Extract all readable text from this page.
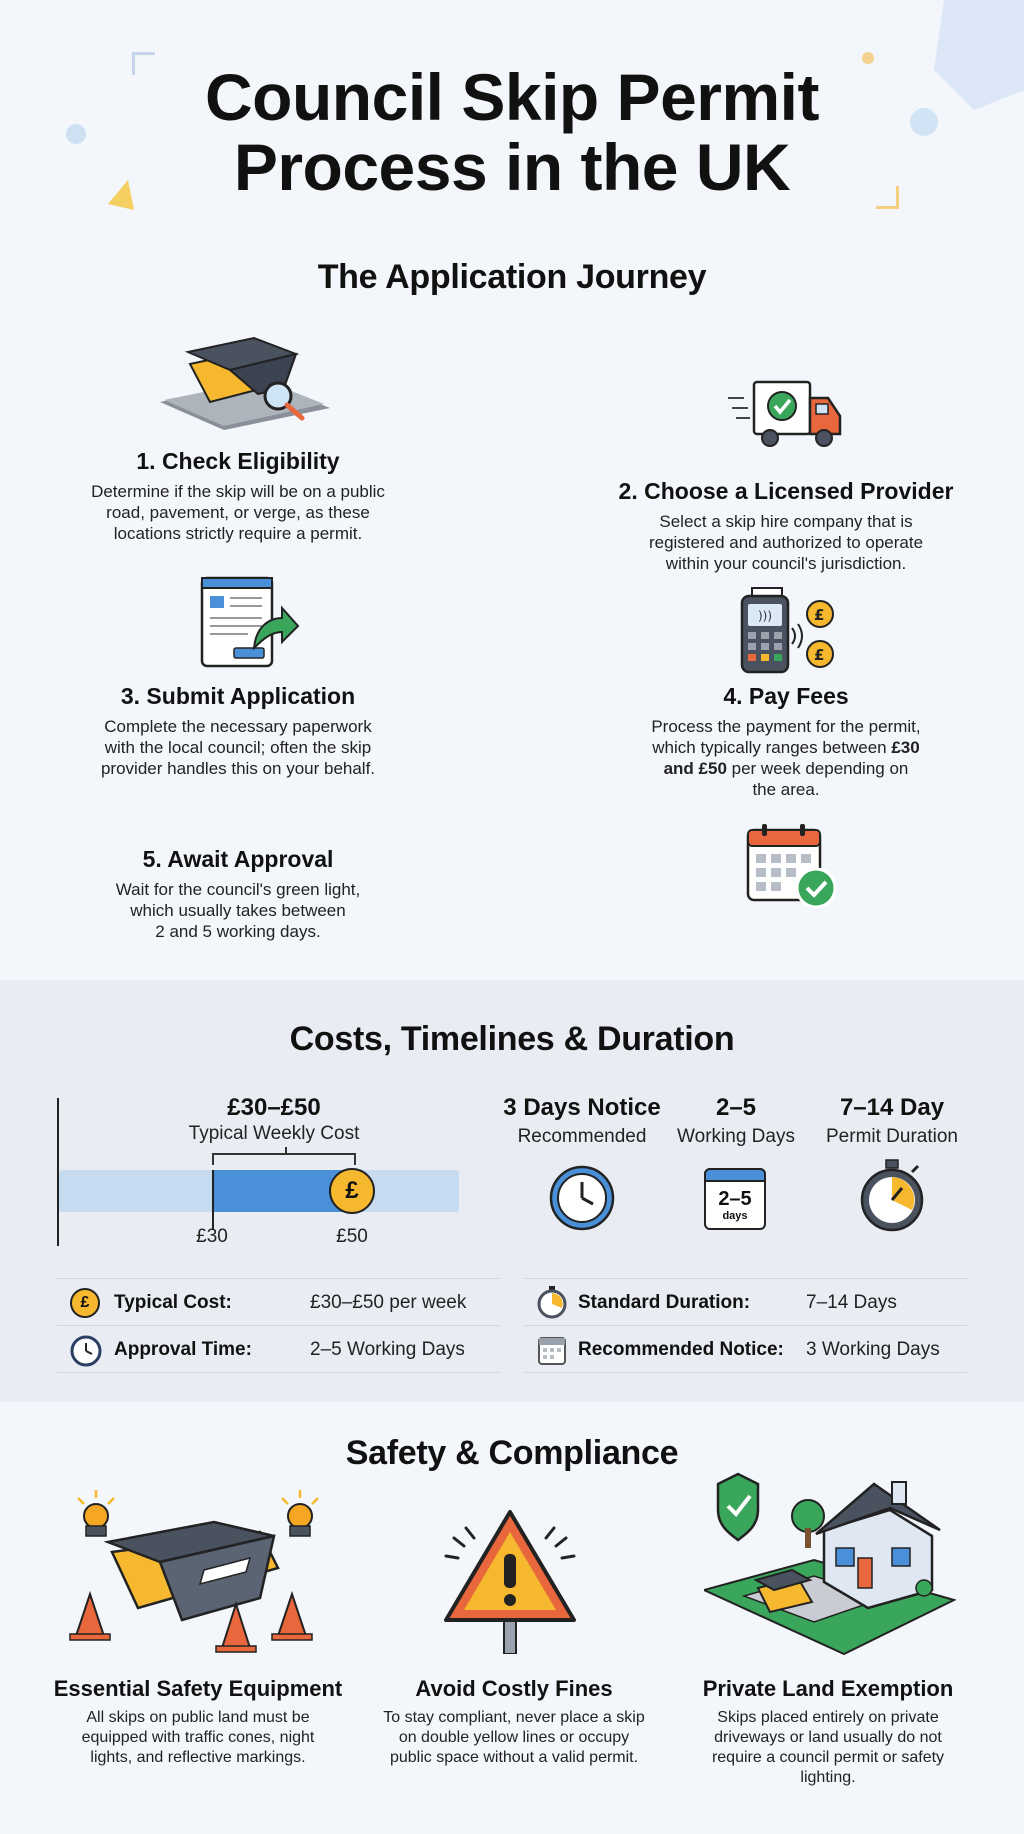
Council Skip Permit
Process in the UK
The Application Journey
1. Check Eligibility
Determine if the skip will be on a public
road, pavement, or verge, as these
locations strictly require a permit.
2. Choose a Licensed Provider
Select a skip hire company that is
registered and authorized to operate
within your council's jurisdiction.
3. Submit Application
Complete the necessary paperwork
with the local council; often the skip
provider handles this on your behalf.
)))	£
£
4. Pay Fees
Process the payment for the permit,
which typically ranges between £30
and £50 per week depending on
the area.
5. Await Approval
Wait for the council's green light,
which usually takes between
2 and 5 working days.
Costs, Timelines & Duration
£30–£50
Typical Weekly Cost
£
£30	£50
3 Days Notice
Recommended
2–5
Working Days
2–5
days
7–14 Day
Permit Duration
£	Typical Cost:	£30–£50 per week
Approval Time:	2–5 Working Days
Standard Duration:	7–14 Days
Recommended Notice: 3 Working Days
Safety & Compliance
Essential Safety Equipment
All skips on public land must be
equipped with traffic cones, night
lights, and reflective markings.
Avoid Costly Fines
To stay compliant, never place a skip
on double yellow lines or occupy
public space without a valid permit.
Private Land Exemption
Skips placed entirely on private
driveways or land usually do not
require a council permit or safety
lighting.
